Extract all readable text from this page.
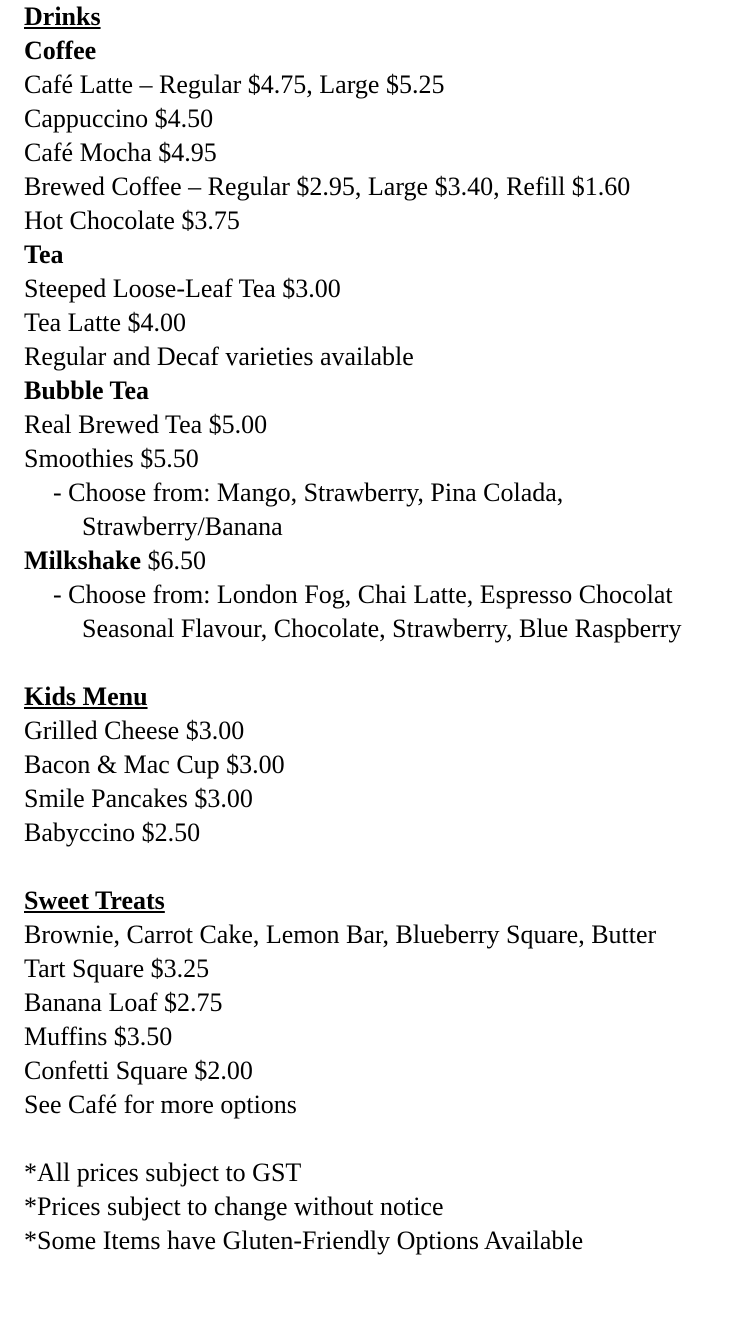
Drinks
Coffee
Café Latte – Regular $4.75, Large $5.25
Cappuccino $4.50
Café Mocha $4.95
Brewed Coffee – Regular $2.95, Large $3.40, Refill $1.60
Hot Chocolate $3.75
Tea
Steeped Loose-Leaf Tea $3.00
Tea Latte $4.00
Regular and Decaf varieties available
Bubble Tea
Real Brewed Tea $5.00
Smoothies $5.50
- Choose from: Mango, Strawberry, Pina Colada,
Strawberry/Banana
Milkshake $6.50
- Choose from: London Fog, Chai Latte, Espresso Chocolat
Seasonal Flavour, Chocolate, Strawberry, Blue Raspberry
Kids Menu
Grilled Cheese $3.00
Bacon & Mac Cup $3.00
Smile Pancakes $3.00
Babyccino $2.50
Sweet Treats
Brownie, Carrot Cake, Lemon Bar, Blueberry Square, Butter
Tart Square $3.25
Banana Loaf $2.75
Muffins $3.50
Confetti Square $2.00
See Café for more options
*All prices subject to GST
*Prices subject to change without notice
*Some Items have Gluten-Friendly Options Available
